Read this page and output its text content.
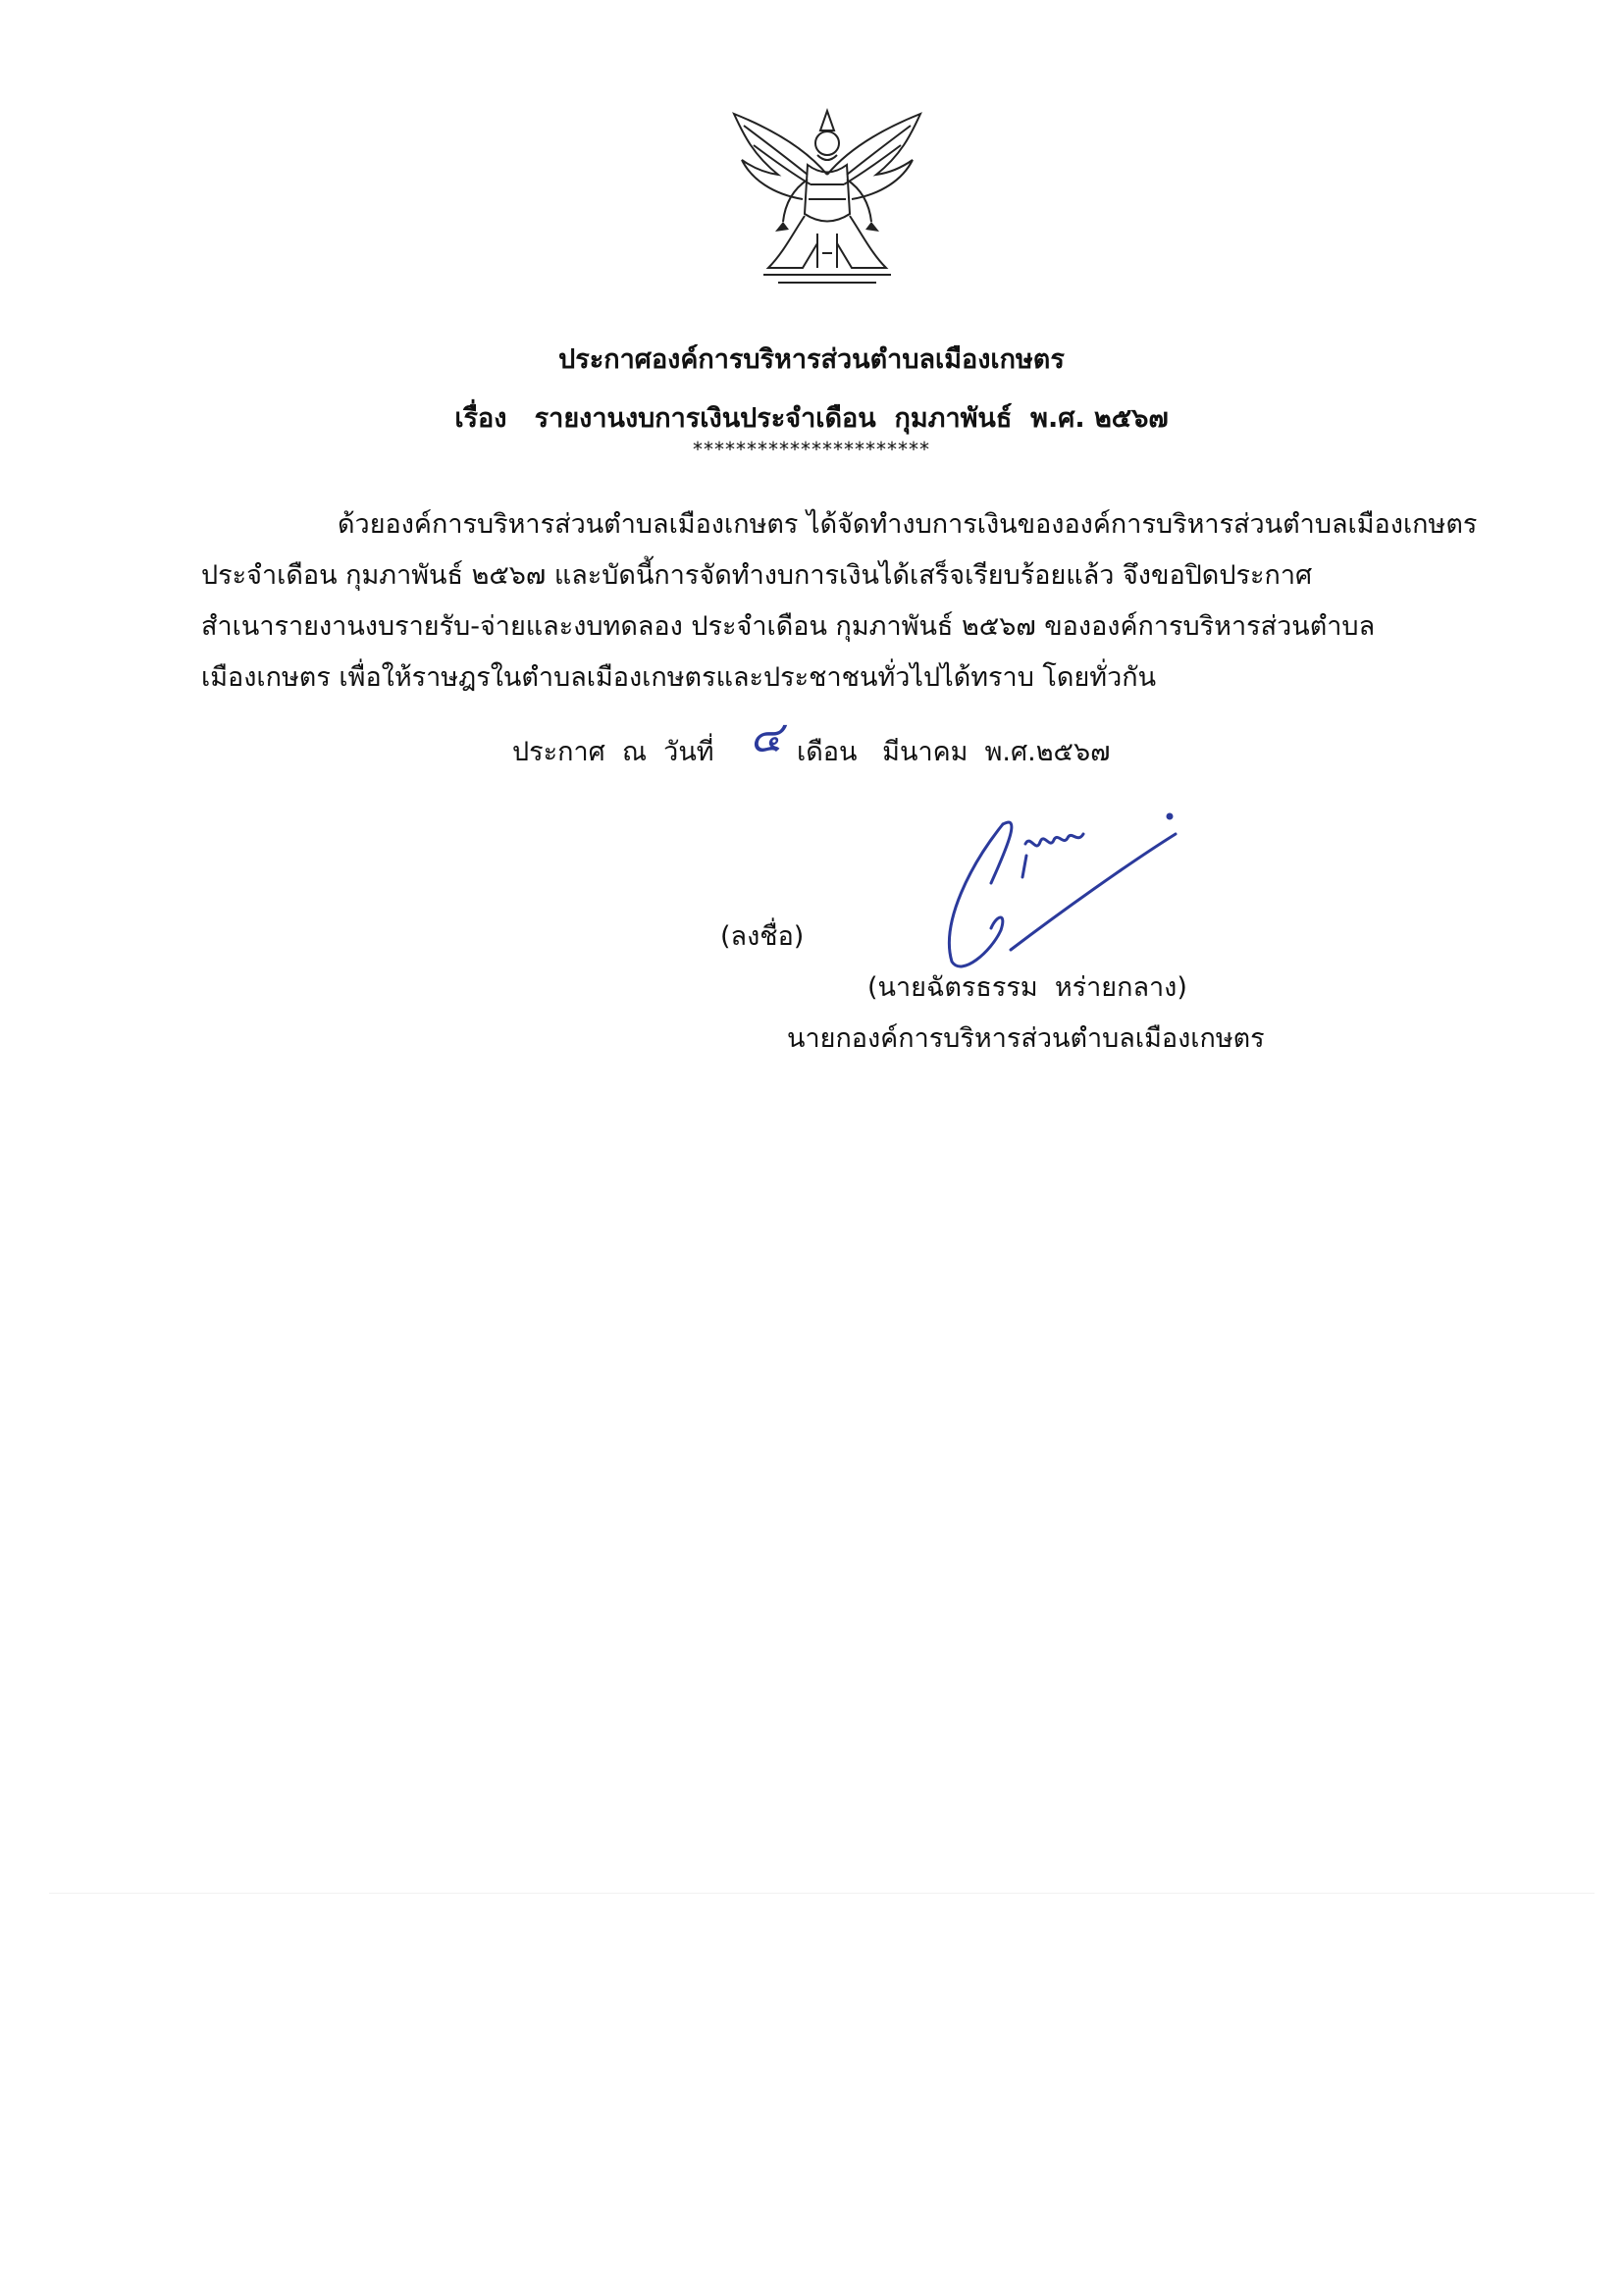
ประกาศองค์การบริหารส่วนตำบลเมืองเกษตร
เรื่อง   รายงานงบการเงินประจำเดือน  กุมภาพันธ์  พ.ศ. ๒๕๖๗
**********************
ด้วยองค์การบริหารส่วนตำบลเมืองเกษตร ได้จัดทำงบการเงินขององค์การบริหารส่วนตำบลเมืองเกษตร
ประจำเดือน กุมภาพันธ์ ๒๕๖๗ และบัดนี้การจัดทำงบการเงินได้เสร็จเรียบร้อยแล้ว จึงขอปิดประกาศ
สำเนารายงานงบรายรับ-จ่ายและงบทดลอง ประจำเดือน กุมภาพันธ์ ๒๕๖๗ ขององค์การบริหารส่วนตำบล
เมืองเกษตร เพื่อให้ราษฎรในตำบลเมืองเกษตรและประชาชนทั่วไปได้ทราบ โดยทั่วกัน
ประกาศ  ณ  วันที่ ๔ เดือน   มีนาคม  พ.ศ.๒๕๖๗
(ลงชื่อ)
(นายฉัตรธรรม  หร่ายกลาง)
นายกองค์การบริหารส่วนตำบลเมืองเกษตร
